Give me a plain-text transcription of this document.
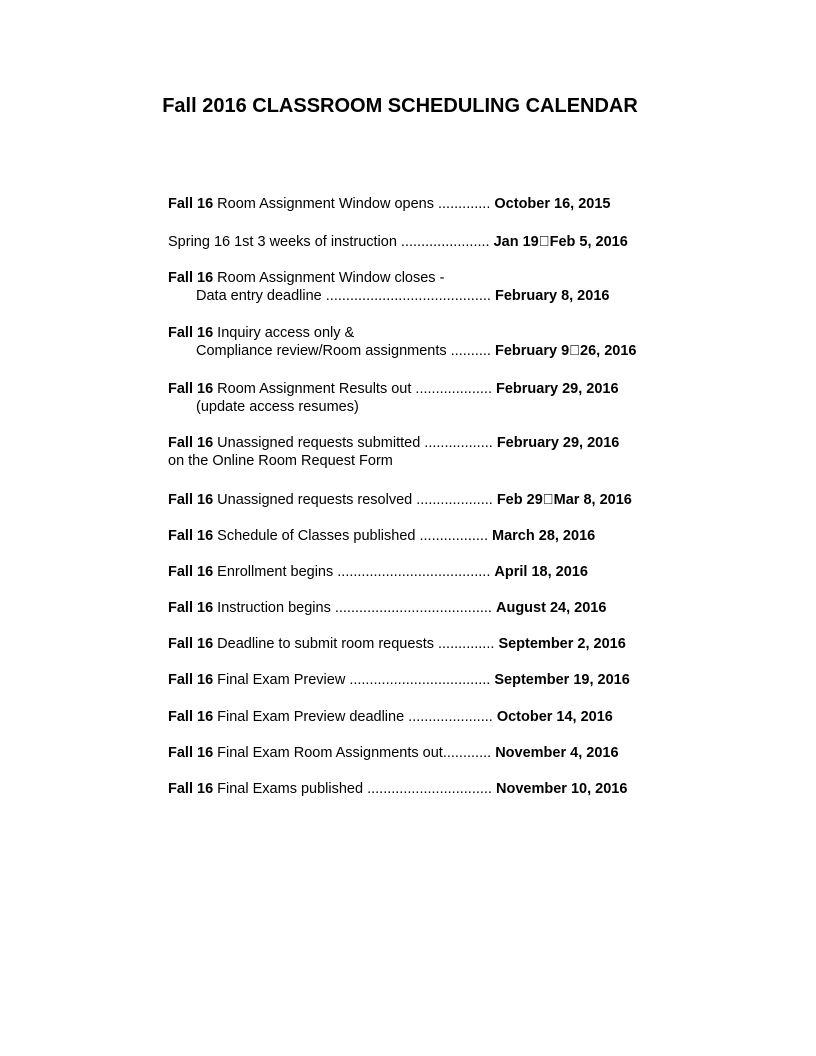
Fall 2016 CLASSROOM SCHEDULING CALENDAR
Fall 16 Room Assignment Window opens ............. October 16, 2015
Spring 16 1st 3 weeks of instruction ...................... Jan 19 Feb 5, 2016
Fall 16 Room Assignment Window closes -
Data entry deadline ......................................... February 8, 2016
Fall 16 Inquiry access only &
Compliance review/Room assignments .......... February 9 26, 2016
Fall 16 Room Assignment Results out ................... February 29, 2016
(update access resumes)
Fall 16 Unassigned requests submitted ................. February 29, 2016
on the Online Room Request Form
Fall 16 Unassigned requests resolved ................... Feb 29 Mar 8, 2016
Fall 16 Schedule of Classes published ................. March 28, 2016
Fall 16 Enrollment begins ...................................... April 18, 2016
Fall 16 Instruction begins ....................................... August 24, 2016
Fall 16 Deadline to submit room requests .............. September 2, 2016
Fall 16 Final Exam Preview ................................... September 19, 2016
Fall 16 Final Exam Preview deadline ..................... October 14, 2016
Fall 16 Final Exam Room Assignments out............ November 4, 2016
Fall 16 Final Exams published ............................... November 10, 2016
